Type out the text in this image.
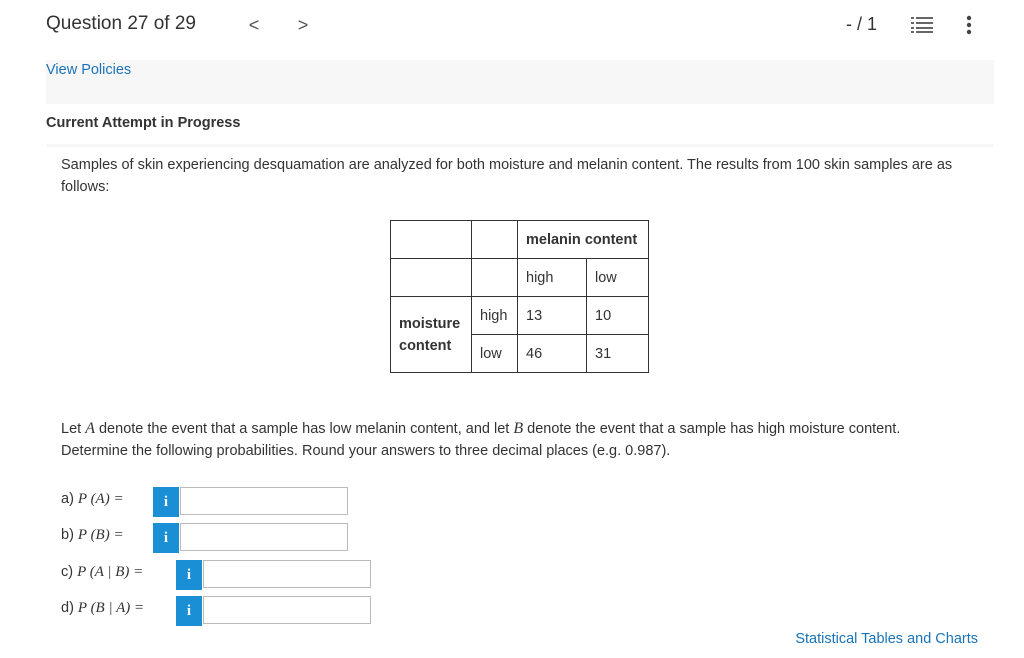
Question 27 of 29	< >	- / 1
View Policies
Current Attempt in Progress
Samples of skin experiencing desquamation are analyzed for both moisture and melanin content. The results from 100 skin samples are as follows:
		melanin content	
		high	low

moisture
content	high	13	10
	low	46	31
Let A denote the event that a sample has low melanin content, and let B denote the event that a sample has high moisture content. Determine the following probabilities. Round your answers to three decimal places (e.g. 0.987).
a) P (A) =	i
b) P (B) =	i
c) P (A | B) =	i
d) P (B | A) =	i
Statistical Tables and Charts
